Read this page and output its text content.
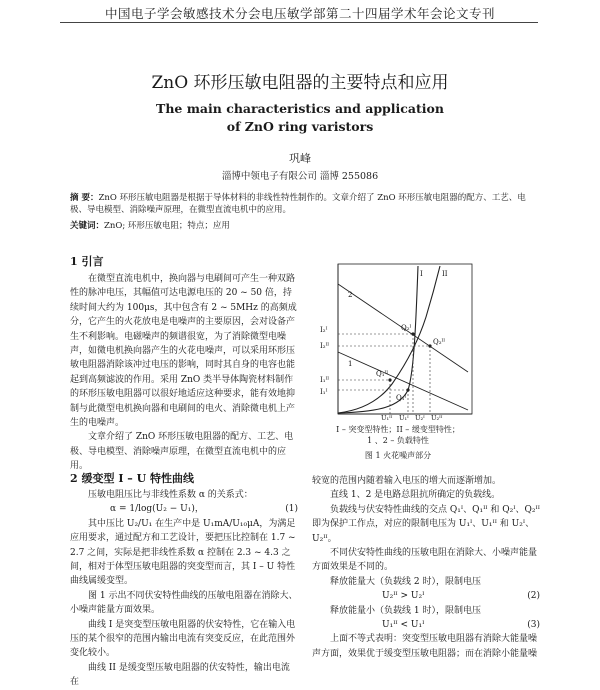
中国电子学会敏感技术分会电压敏学部第二十四届学术年会论文专刊
ZnO 环形压敏电阻器的主要特点和应用
The main characteristics and application
of ZnO ring varistors
巩峰
淄博中领电子有限公司 淄博 255086
摘 要：ZnO 环形压敏电阻器是根据于导体材料的非线性特性制作的。文章介绍了 ZnO 环形压敏电阻器的配方、工艺、电极、导电模型、消除噪声原理，在微型直流电机中的应用。
关键词：ZnO; 环形压敏电阻；特点；应用
1 引言

在微型直流电机中，换向器与电刷间可产生一种双路性的脉冲电压，其幅值可达电源电压的 20 ~ 50 倍，持续时间大约为 100μs，其中包含有 2 ~ 5MHz 的高频成分，它产生的火花放电是电噪声的主要原因，会对设备产生不利影响。电磁噪声的频谱很宽，为了消除微型电噪声，如微电机换向器产生的火花电噪声，可以采用环形压敏电阻器消除该冲过电压的影响，同时其自身的电容也能起到高频滤波的作用。采用 ZnO 类半导体陶瓷材料制作的环形压敏电阻器可以很好地适应这种要求，能有效地抑制与此微型电机换向器和电刷间的电火、消除微电机上产生的电噪声。

文章介绍了 ZnO 环形压敏电阻器的配方、工艺、电极、导电模型、消除噪声原理，在微型直流电机中的应用。

2 缓变型 I – U 特性曲线

压敏电阻压比与非线性系数 α 的关系式：

α = 1/log(U₂ − U₁)，	(1)

其中压比 U₂/U₁ 在生产中是 U₁mA/U₁₀μA，为满足应用要求，通过配方和工艺设计，要把压比控制在 1.7 ~ 2.7 之间，实际是把非线性系数 α 控制在 2.3 ~ 4.3 之间，相对于体型压敏电阻器的突变型而言，其 I – U 特性曲线属缓变型。

图 1 示出不同伏安特性曲线的压敏电阻器在消除大、小噪声能量方面效果。

曲线 I 是突变型压敏电阻器的伏安特性，它在输入电压的某个很窄的范围内输出电流有突变反应，在此范围外变化较小。

曲线 II 是缓变型压敏电阻器的伏安特性，输出电流在

I	II
1
2
Q₁ᴵᴵ
Q₁ᴵ
Q₂ᴵ
Q₂ᴵᴵ
I₂ᴵ
I₂ᴵᴵ
I₁ᴵᴵ
I₁ᴵ
U₁ᴵᴵ U₁ᴵ U₂ᴵ U₂ᴵᴵ
I – 突变型特性；II – 缓变型特性；
1 、2 – 负载特性
图 1 火花噪声部分

较宽的范围内随着输入电压的增大而逐渐增加。

直线 1、2 是电路总阻抗所确定的负载线。

负载线与伏安特性曲线的交点 Q₁ᴵ、Q₁ᴵᴵ 和 Q₂ᴵ、Q₂ᴵᴵ 即为保护工作点，对应的限制电压为 U₁ᴵ、U₁ᴵᴵ 和 U₂ᴵ、U₂ᴵᴵ。

不同伏安特性曲线的压敏电阻在消除大、小噪声能量方面效果是不同的。

释放能量大（负载线 2 时），限制电压

U₂ᴵᴵ > U₂ᴵ	(2)

释放能量小（负载线 1 时），限制电压

U₁ᴵᴵ < U₁ᴵ	(3)

上面不等式表明：突变型压敏电阻器有消除大能量噪声方面，效果优于缓变型压敏电阻器；而在消除小能量噪
